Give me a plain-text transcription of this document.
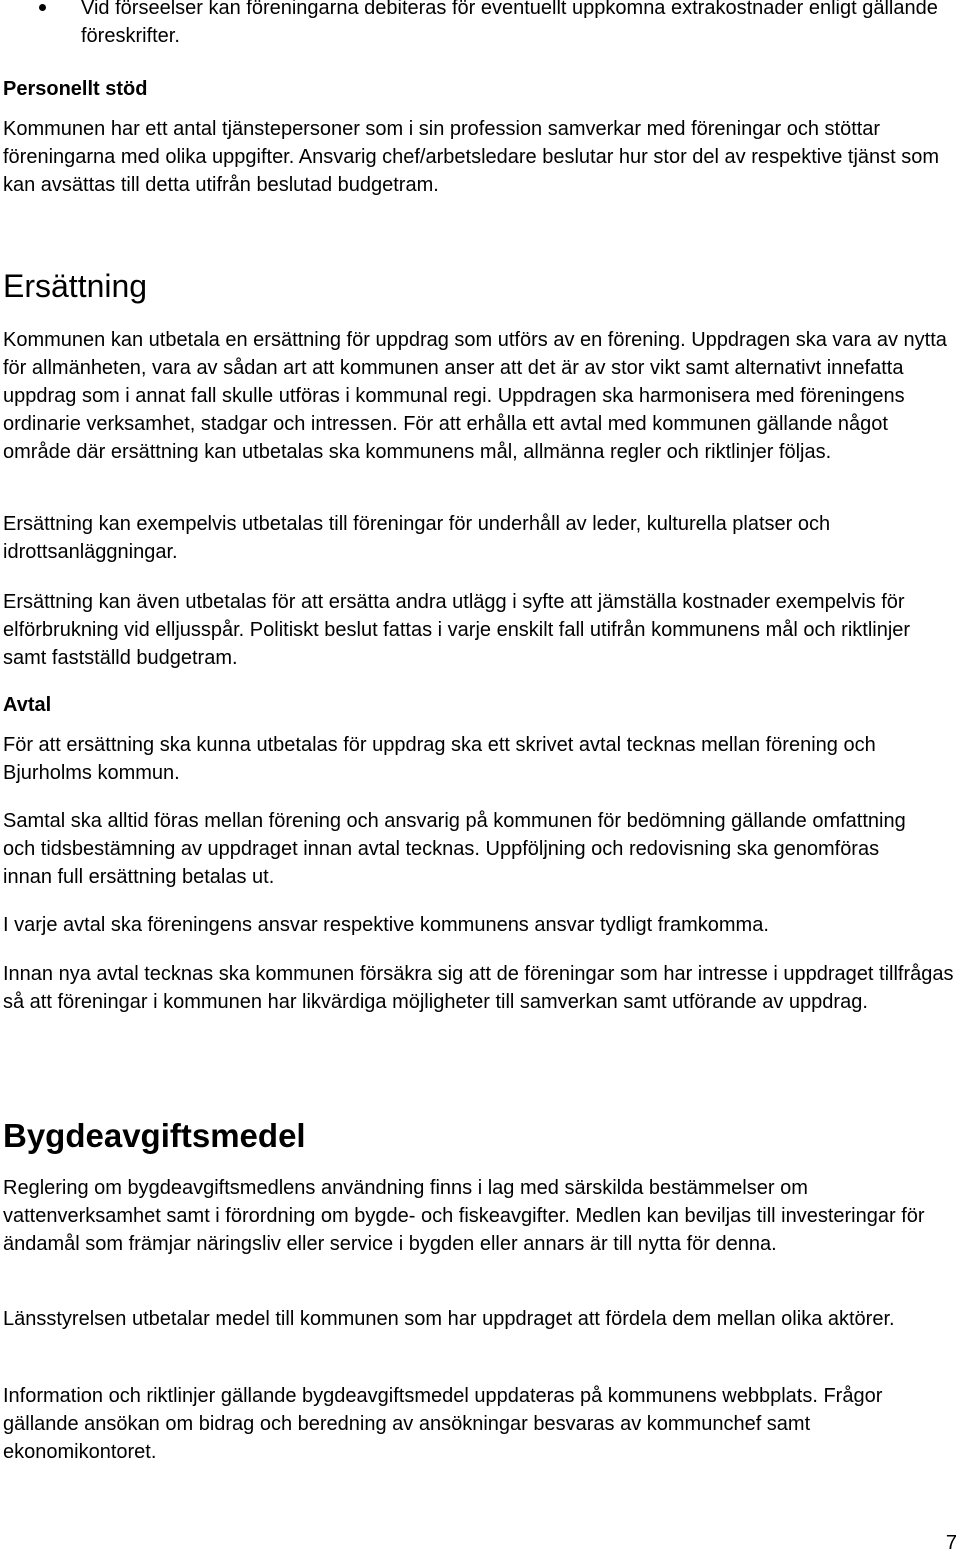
Vid förseelser kan föreningarna debiteras för eventuellt uppkomna extrakostnader enligt gällande föreskrifter.
Personellt stöd

Kommunen har ett antal tjänstepersoner som i sin profession samverkar med föreningar och stöttar föreningarna med olika uppgifter. Ansvarig chef/arbetsledare beslutar hur stor del av respektive tjänst som kan avsättas till detta utifrån beslutad budgetram.

Ersättning

Kommunen kan utbetala en ersättning för uppdrag som utförs av en förening. Uppdragen ska vara av nytta för allmänheten, vara av sådan art att kommunen anser att det är av stor vikt samt alternativt innefatta uppdrag som i annat fall skulle utföras i kommunal regi. Uppdragen ska harmonisera med föreningens ordinarie verksamhet, stadgar och intressen. För att erhålla ett avtal med kommunen gällande något område där ersättning kan utbetalas ska kommunens mål, allmänna regler och riktlinjer följas.

Ersättning kan exempelvis utbetalas till föreningar för underhåll av leder, kulturella platser och idrottsanläggningar.

Ersättning kan även utbetalas för att ersätta andra utlägg i syfte att jämställa kostnader exempelvis för elförbrukning vid elljusspår. Politiskt beslut fattas i varje enskilt fall utifrån kommunens mål och riktlinjer samt fastställd budgetram.

Avtal

För att ersättning ska kunna utbetalas för uppdrag ska ett skrivet avtal tecknas mellan förening och Bjurholms kommun.

Samtal ska alltid föras mellan förening och ansvarig på kommunen för bedömning gällande omfattning och tidsbestämning av uppdraget innan avtal tecknas. Uppföljning och redovisning ska genomföras innan full ersättning betalas ut.

I varje avtal ska föreningens ansvar respektive kommunens ansvar tydligt framkomma.

Innan nya avtal tecknas ska kommunen försäkra sig att de föreningar som har intresse i uppdraget tillfrågas så att föreningar i kommunen har likvärdiga möjligheter till samverkan samt utförande av uppdrag.

Bygdeavgiftsmedel

Reglering om bygdeavgiftsmedlens användning finns i lag med särskilda bestämmelser om vattenverksamhet samt i förordning om bygde- och fiskeavgifter. Medlen kan beviljas till investeringar för ändamål som främjar näringsliv eller service i bygden eller annars är till nytta för denna.

Länsstyrelsen utbetalar medel till kommunen som har uppdraget att fördela dem mellan olika aktörer.

Information och riktlinjer gällande bygdeavgiftsmedel uppdateras på kommunens webbplats. Frågor gällande ansökan om bidrag och beredning av ansökningar besvaras av kommunchef samt ekonomikontoret.

7
